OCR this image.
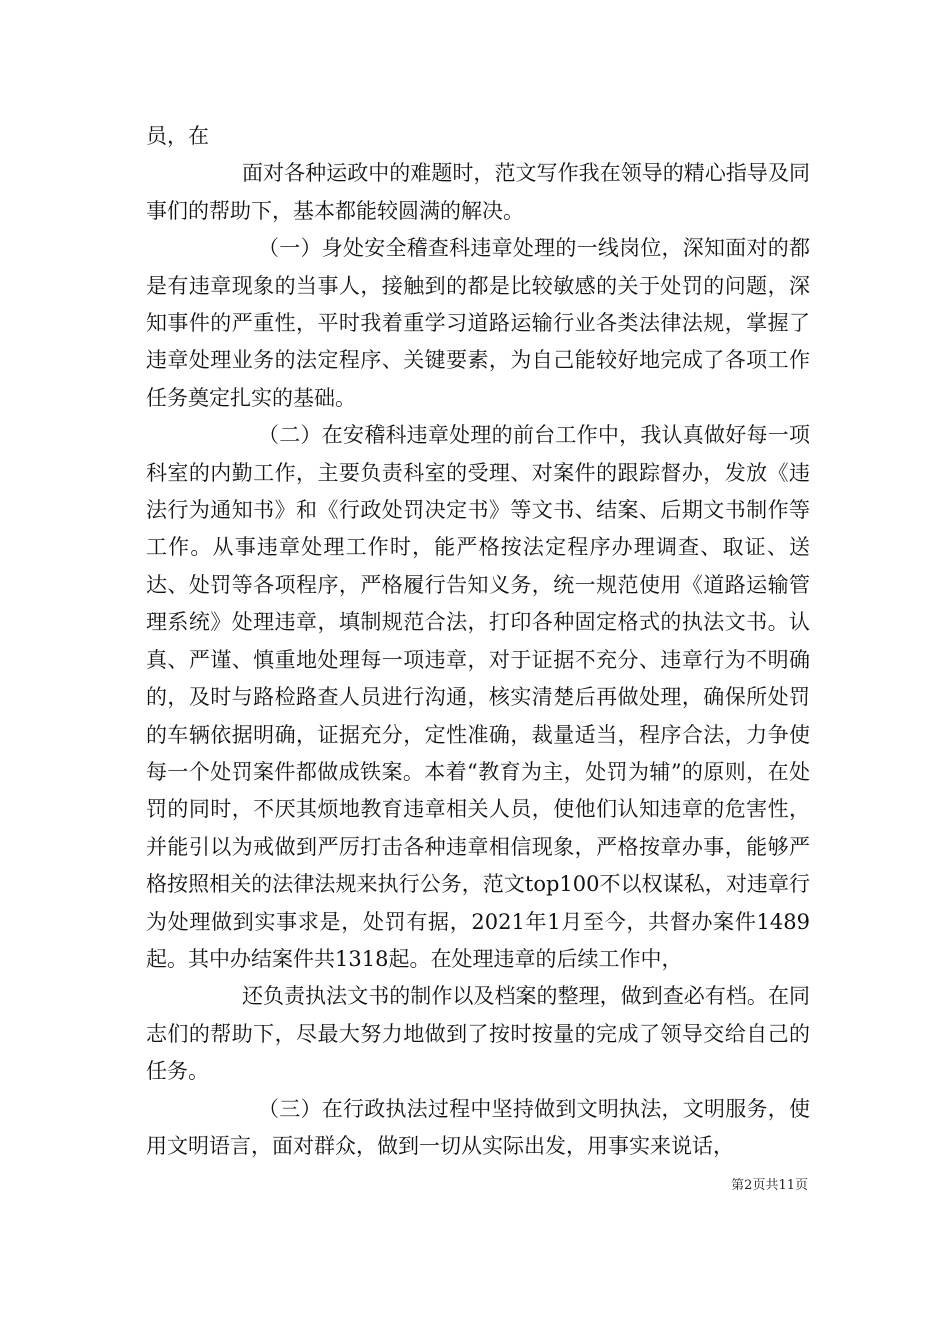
员，在

面对各种运政中的难题时，范文写作我在领导的精心指导及同事们的帮助下，基本都能较圆满的解决。

（一）身处安全稽查科违章处理的一线岗位，深知面对的都是有违章现象的当事人，接触到的都是比较敏感的关于处罚的问题，深知事件的严重性，平时我着重学习道路运输行业各类法律法规，掌握了违章处理业务的法定程序、关键要素，为自己能较好地完成了各项工作任务奠定扎实的基础。

（二）在安稽科违章处理的前台工作中，我认真做好每一项科室的内勤工作，主要负责科室的受理、对案件的跟踪督办，发放《违法行为通知书》和《行政处罚决定书》等文书、结案、后期文书制作等工作。从事违章处理工作时，能严格按法定程序办理调查、取证、送达、处罚等各项程序，严格履行告知义务，统一规范使用《道路运输管理系统》处理违章，填制规范合法，打印各种固定格式的执法文书。认真、严谨、慎重地处理每一项违章，对于证据不充分、违章行为不明确的，及时与路检路查人员进行沟通，核实清楚后再做处理，确保所处罚的车辆依据明确，证据充分，定性准确，裁量适当，程序合法，力争使每一个处罚案件都做成铁案。本着“教育为主，处罚为辅”的原则，在处罚的同时，不厌其烦地教育违章相关人员，使他们认知违章的危害性，并能引以为戒做到严厉打击各种违章相信现象，严格按章办事，能够严格按照相关的法律法规来执行公务，范文top100不以权谋私，对违章行为处理做到实事求是，处罚有据，2021年1月至今，共督办案件1489起。其中办结案件共1318起。在处理违章的后续工作中，

还负责执法文书的制作以及档案的整理，做到查必有档。在同志们的帮助下，尽最大努力地做到了按时按量的完成了领导交给自己的任务。

（三）在行政执法过程中坚持做到文明执法，文明服务，使用文明语言，面对群众，做到一切从实际出发，用事实来说话，

第2页共11页
